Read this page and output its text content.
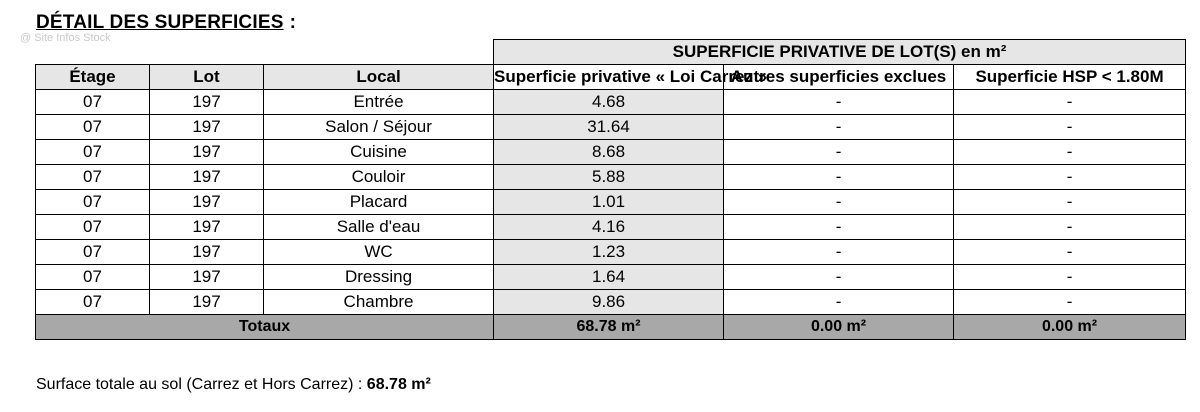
DÉTAIL DES SUPERFICIES :
@ Site Infos Stock
			SUPERFICIE PRIVATIVE DE LOT(S) en m²		
Étage	Lot	Local	Superficie privative « Loi Carrez »	Autres superficies exclues	Superficie HSP < 1.80M
07	197	Entrée	4.68	-	-
07	197	Salon / Séjour	31.64	-	-
07	197	Cuisine	8.68	-	-
07	197	Couloir	5.88	-	-
07	197	Placard	1.01	-	-
07	197	Salle d'eau	4.16	-	-
07	197	WC	1.23	-	-
07	197	Dressing	1.64	-	-
07	197	Chambre	9.86	-	-
Totaux			68.78 m²	0.00 m²	0.00 m²
Surface totale au sol (Carrez et Hors Carrez) : 68.78 m²
